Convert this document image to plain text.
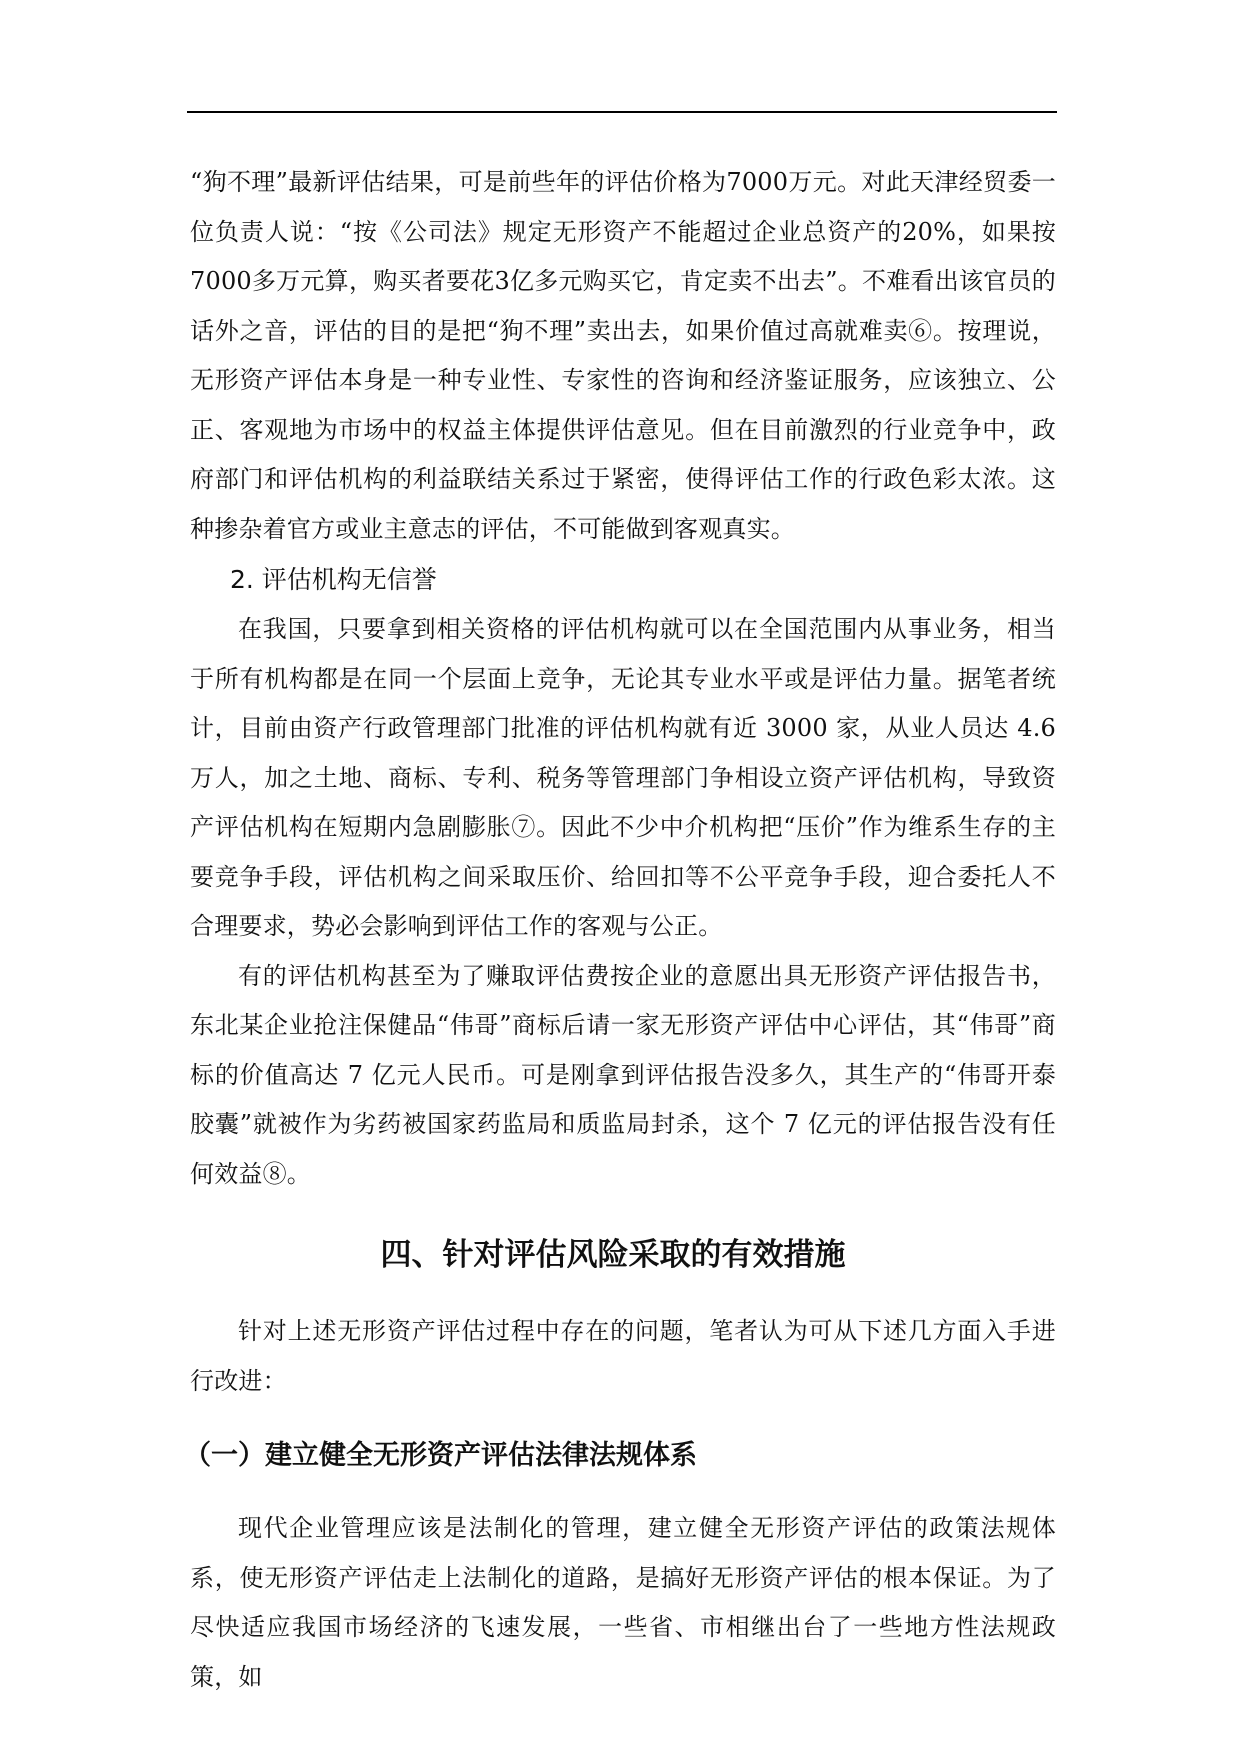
“狗不理”最新评估结果，可是前些年的评估价格为7000万元。对此天津经贸委一位负责人说：“按《公司法》规定无形资产不能超过企业总资产的20%，如果按7000多万元算，购买者要花3亿多元购买它，肯定卖不出去”。不难看出该官员的话外之音，评估的目的是把“狗不理”卖出去，如果价值过高就难卖⑥。按理说，无形资产评估本身是一种专业性、专家性的咨询和经济鉴证服务，应该独立、公正、客观地为市场中的权益主体提供评估意见。但在目前激烈的行业竞争中，政府部门和评估机构的利益联结关系过于紧密，使得评估工作的行政色彩太浓。这种掺杂着官方或业主意志的评估，不可能做到客观真实。

2. 评估机构无信誉

在我国，只要拿到相关资格的评估机构就可以在全国范围内从事业务，相当于所有机构都是在同一个层面上竞争，无论其专业水平或是评估力量。据笔者统计，目前由资产行政管理部门批准的评估机构就有近 3000 家，从业人员达 4.6 万人，加之土地、商标、专利、税务等管理部门争相设立资产评估机构，导致资产评估机构在短期内急剧膨胀⑦。因此不少中介机构把“压价”作为维系生存的主要竞争手段，评估机构之间采取压价、给回扣等不公平竞争手段，迎合委托人不合理要求，势必会影响到评估工作的客观与公正。

有的评估机构甚至为了赚取评估费按企业的意愿出具无形资产评估报告书，东北某企业抢注保健品“伟哥”商标后请一家无形资产评估中心评估，其“伟哥”商标的价值高达 7 亿元人民币。可是刚拿到评估报告没多久，其生产的“伟哥开泰胶囊”就被作为劣药被国家药监局和质监局封杀，这个 7 亿元的评估报告没有任何效益⑧。

四、针对评估风险采取的有效措施

针对上述无形资产评估过程中存在的问题，笔者认为可从下述几方面入手进行改进：

（一）建立健全无形资产评估法律法规体系

现代企业管理应该是法制化的管理，建立健全无形资产评估的政策法规体系，使无形资产评估走上法制化的道路，是搞好无形资产评估的根本保证。为了尽快适应我国市场经济的飞速发展，一些省、市相继出台了一些地方性法规政策，如
